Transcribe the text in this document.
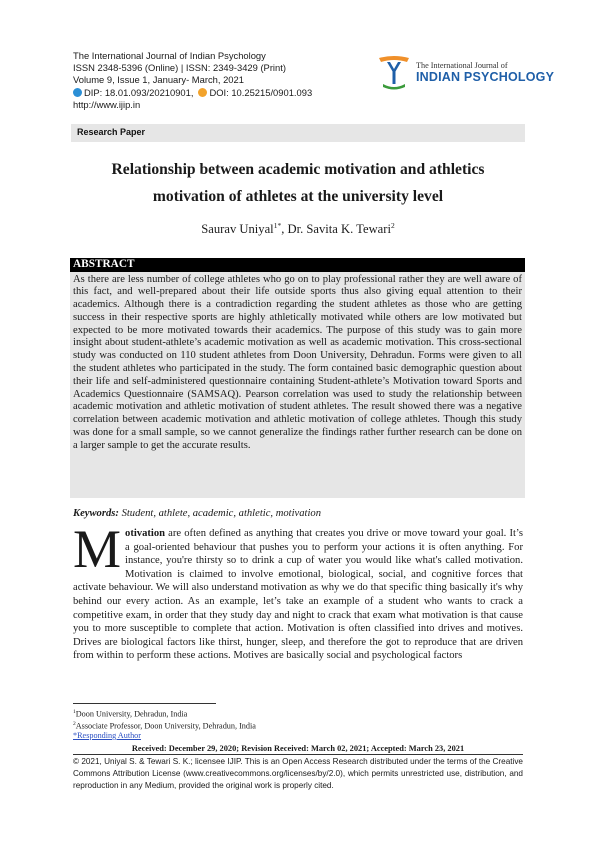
The International Journal of Indian Psychology
ISSN 2348-5396 (Online) | ISSN: 2349-3429 (Print)
Volume 9, Issue 1, January- March, 2021
DIP: 18.01.093/20210901, DOI: 10.25215/0901.093
http://www.ijip.in
The International Journal of
INDIAN PSYCHOLOGY
Research Paper
Relationship between academic motivation and athletics
motivation of athletes at the university level
Saurav Uniyal$^{1*}$, Dr. Savita K. Tewari$^2$
ABSTRACT
As there are less number of college athletes who go on to play professional rather they are well aware of this fact, and well-prepared about their life outside sports thus also giving equal attention to their academics. Although there is a contradiction regarding the student athletes as those who are getting success in their respective sports are highly athletically motivated while others are low motivated but expected to be more motivated towards their academics. The purpose of this study was to gain more insight about student-athlete’s academic motivation as well as academic motivation. This cross-sectional study was conducted on 110 student athletes from Doon University, Dehradun. Forms were given to all the student athletes who participated in the study. The form contained basic demographic question about their life and self-administered questionnaire containing Student-athlete’s Motivation toward Sports and Academics Questionnaire (SAMSAQ). Pearson correlation was used to study the relationship between academic motivation and athletic motivation of student athletes. The result showed there was a negative correlation between academic motivation and athletic motivation of college athletes. Though this study was done for a small sample, so we cannot generalize the findings rather further research can be done on a larger sample to get the accurate results.
Keywords: Student, athlete, academic, athletic, motivation
Motivation are often defined as anything that creates you drive or move toward your goal. It’s a goal-oriented behaviour that pushes you to perform your actions it is often anything. For instance, you're thirsty so to drink a cup of water you would like what's called motivation. Motivation is claimed to involve emotional, biological, social, and cognitive forces that activate behaviour. We will also understand motivation as why we do that specific thing basically it's why behind our every action. As an example, let’s take an example of a student who wants to crack a competitive exam, in order that they study day and night to crack that exam what motivation is that cause you to more susceptible to complete that action. Motivation is often classified into drives and motives. Drives are biological factors like thirst, hunger, sleep, and therefore the got to reproduce that are driven from within to perform these actions. Motives are basically social and psychological factors
$^1$Doon University, Dehradun, India
$^2$Associate Professor, Doon University, Dehradun, India
*Responding Author
Received: December 29, 2020; Revision Received: March 02, 2021; Accepted: March 23, 2021
© 2021, Uniyal S. & Tewari S. K.; licensee IJIP. This is an Open Access Research distributed under the terms of the Creative Commons Attribution License (www.creativecommons.org/licenses/by/2.0), which permits unrestricted use, distribution, and reproduction in any Medium, provided the original work is properly cited.
